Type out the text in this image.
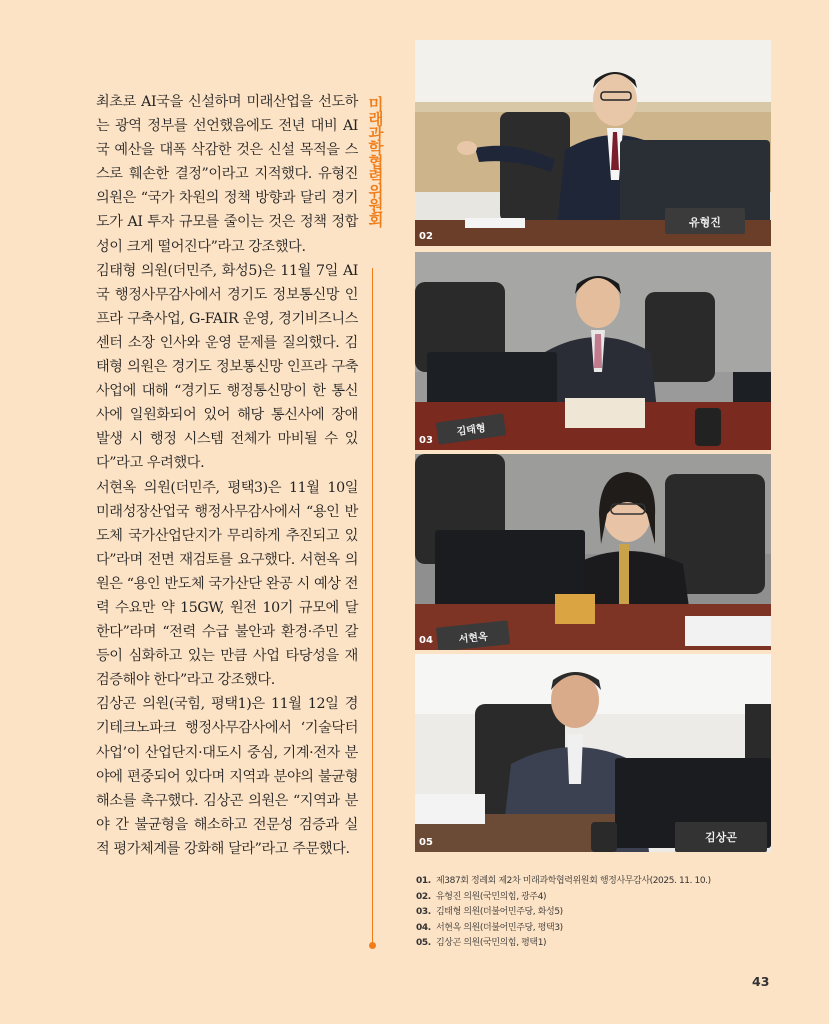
최초로 AI국을 신설하며 미래산업을 선도하는 광역 정부를 선언했음에도 전년 대비 AI국 예산을 대폭 삭감한 것은 신설 목적을 스스로 훼손한 결정”이라고 지적했다. 유형진 의원은 “국가 차원의 정책 방향과 달리 경기도가 AI 투자 규모를 줄이는 것은 정책 정합성이 크게 떨어진다”라고 강조했다.

김태형 의원(더민주, 화성5)은 11월 7일 AI국 행정사무감사에서 경기도 정보통신망 인프라 구축사업, G-FAIR 운영, 경기비즈니스센터 소장 인사와 운영 문제를 질의했다. 김태형 의원은 경기도 정보통신망 인프라 구축사업에 대해 “경기도 행정통신망이 한 통신사에 일원화되어 있어 해당 통신사에 장애 발생 시 행정 시스템 전체가 마비될 수 있다”라고 우려했다.

서현옥 의원(더민주, 평택3)은 11월 10일 미래성장산업국 행정사무감사에서 “용인 반도체 국가산업단지가 무리하게 추진되고 있다”라며 전면 재검토를 요구했다. 서현옥 의원은 “용인 반도체 국가산단 완공 시 예상 전력 수요만 약 15GW, 원전 10기 규모에 달한다”라며 “전력 수급 불안과 환경·주민 갈등이 심화하고 있는 만큼 사업 타당성을 재검증해야 한다”라고 강조했다.

김상곤 의원(국힘, 평택1)은 11월 12일 경기테크노파크 행정사무감사에서 ‘기술닥터사업’이 산업단지·대도시 중심, 기계·전자 분야에 편중되어 있다며 지역과 분야의 불균형 해소를 촉구했다. 김상곤 의원은 “지역과 분야 간 불균형을 해소하고 전문성 검증과 실적 평가체계를 강화해 달라”라고 주문했다.

미래과학협력위원회	유형진
02
김태형
03
서현옥
04
김상곤
05
01. 제387회 정례회 제2차 미래과학협력위원회 행정사무감사(2025. 11. 10.)
02. 유형진 의원(국민의힘, 광주4)
03. 김태형 의원(더불어민주당, 화성5)
04. 서현옥 의원(더불어민주당, 평택3)
05. 김상곤 의원(국민의힘, 평택1)
43
